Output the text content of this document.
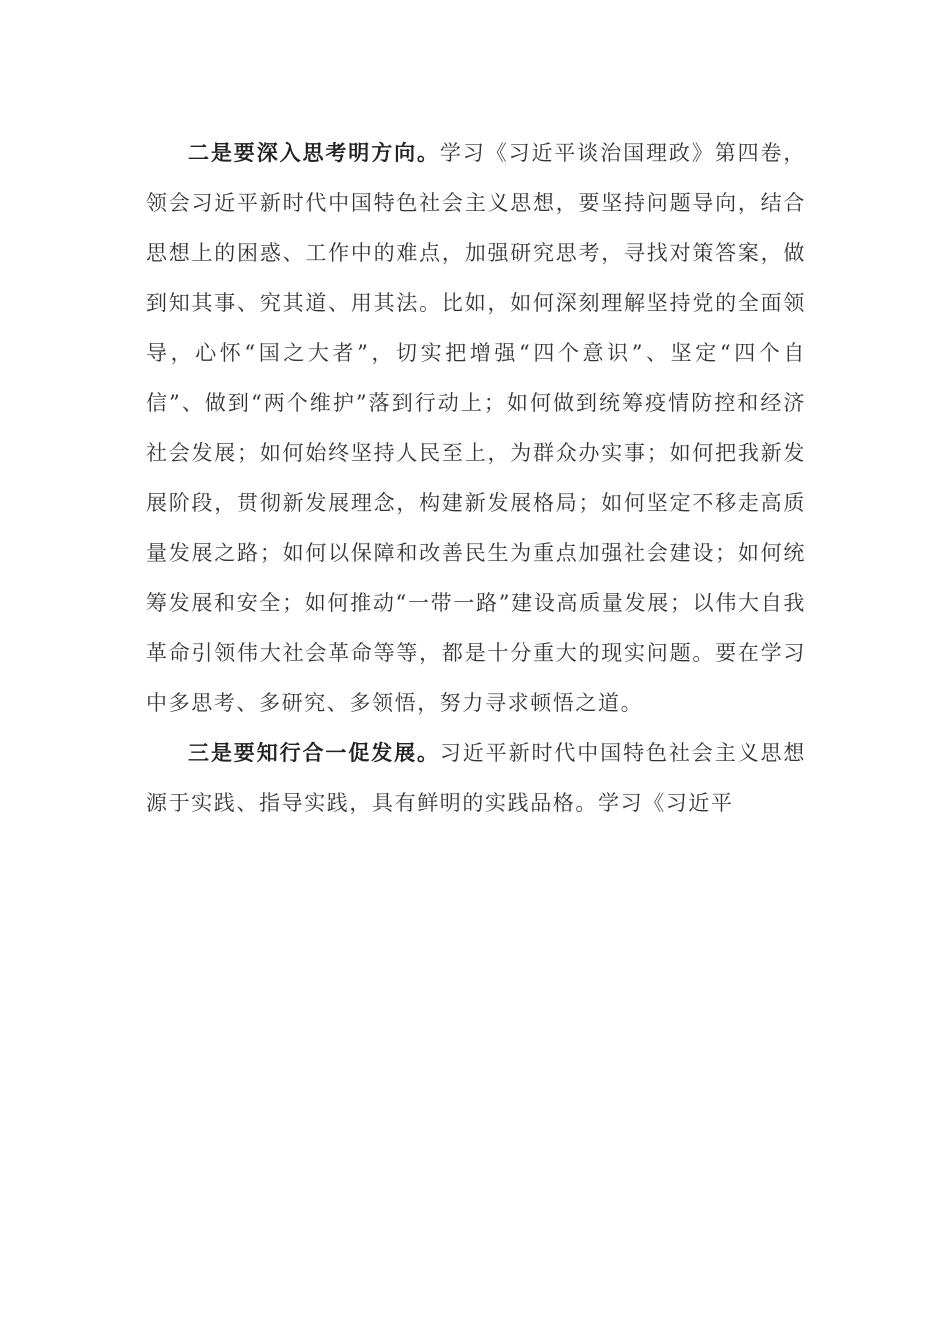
二是要深入思考明方向。学习《习近平谈治国理政》第四卷，领会习近平新时代中国特色社会主义思想，要坚持问题导向，结合思想上的困惑、工作中的难点，加强研究思考，寻找对策答案，做到知其事、究其道、用其法。比如，如何深刻理解坚持党的全面领导，心怀“国之大者”，切实把增强“四个意识”、坚定“四个自信”、做到“两个维护”落到行动上；如何做到统筹疫情防控和经济社会发展；如何始终坚持人民至上，为群众办实事；如何把我新发展阶段，贯彻新发展理念，构建新发展格局；如何坚定不移走高质量发展之路；如何以保障和改善民生为重点加强社会建设；如何统筹发展和安全；如何推动“一带一路”建设高质量发展；以伟大自我革命引领伟大社会革命等等，都是十分重大的现实问题。要在学习中多思考、多研究、多领悟，努力寻求顿悟之道。

三是要知行合一促发展。习近平新时代中国特色社会主义思想源于实践、指导实践，具有鲜明的实践品格。学习《习近平
